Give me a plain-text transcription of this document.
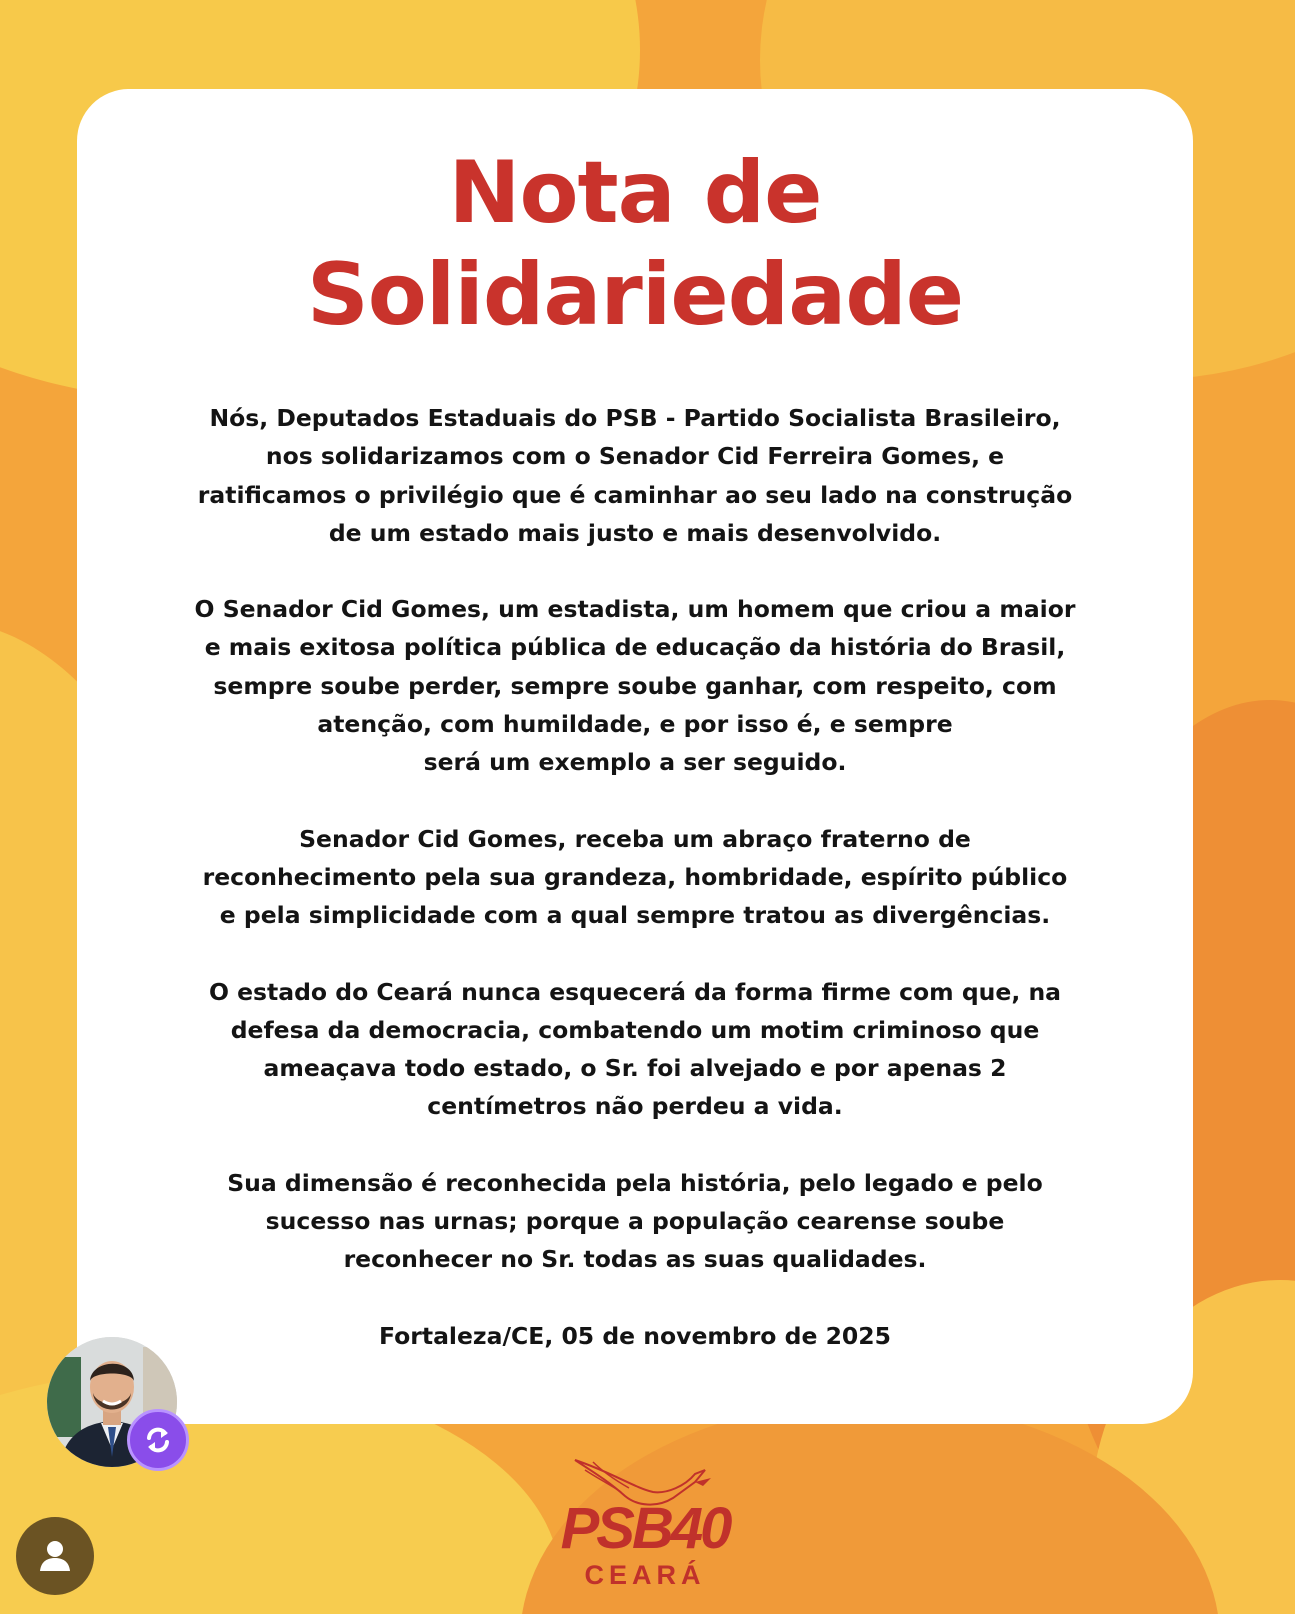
Nota de
Solidariedade

Nós, Deputados Estaduais do PSB - Partido Socialista Brasileiro,
nos solidarizamos com o Senador Cid Ferreira Gomes, e
ratificamos o privilégio que é caminhar ao seu lado na construção
de um estado mais justo e mais desenvolvido.

O Senador Cid Gomes, um estadista, um homem que criou a maior
e mais exitosa política pública de educação da história do Brasil,
sempre soube perder, sempre soube ganhar, com respeito, com
atenção, com humildade, e por isso é, e sempre
será um exemplo a ser seguido.

Senador Cid Gomes, receba um abraço fraterno de
reconhecimento pela sua grandeza, hombridade, espírito público
e pela simplicidade com a qual sempre tratou as divergências.

O estado do Ceará nunca esquecerá da forma firme com que, na
defesa da democracia, combatendo um motim criminoso que
ameaçava todo estado, o Sr. foi alvejado e por apenas 2
centímetros não perdeu a vida.

Sua dimensão é reconhecida pela história, pelo legado e pelo
sucesso nas urnas; porque a população cearense soube
reconhecer no Sr. todas as suas qualidades.

Fortaleza/CE, 05 de novembro de 2025

PSB40
CEARÁ
